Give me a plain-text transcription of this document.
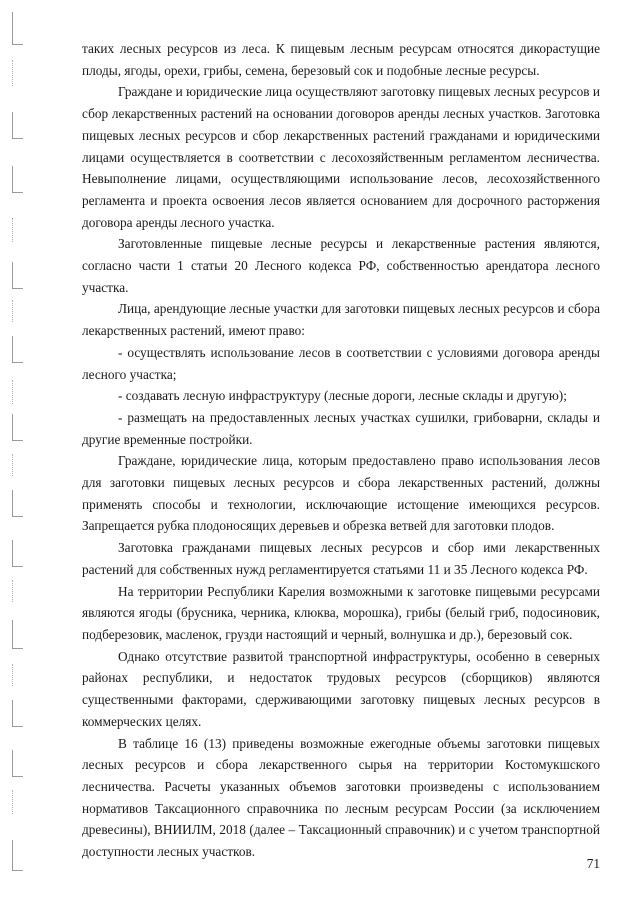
таких лесных ресурсов из леса. К пищевым лесным ресурсам относятся дикорастущие плоды, ягоды, орехи, грибы, семена, березовый сок и подобные лесные ресурсы.

Граждане и юридические лица осуществляют заготовку пищевых лесных ресурсов и сбор лекарственных растений на основании договоров аренды лесных участков. Заготовка пищевых лесных ресурсов и сбор лекарственных растений гражданами и юридическими лицами осуществляется в соответствии с лесохозяйственным регламентом лесничества. Невыполнение лицами, осуществляющими использование лесов, лесохозяйственного регламента и проекта освоения лесов является основанием для досрочного расторжения договора аренды лесного участка.

Заготовленные пищевые лесные ресурсы и лекарственные растения являются, согласно части 1 статьи 20 Лесного кодекса РФ, собственностью арендатора лесного участка.

Лица, арендующие лесные участки для заготовки пищевых лесных ресурсов и сбора лекарственных растений, имеют право:

- осуществлять использование лесов в соответствии с условиями договора аренды лесного участка;

- создавать лесную инфраструктуру (лесные дороги, лесные склады и другую);

- размещать на предоставленных лесных участках сушилки, грибоварни, склады и другие временные постройки.

Граждане, юридические лица, которым предоставлено право использования лесов для заготовки пищевых лесных ресурсов и сбора лекарственных растений, должны применять способы и технологии, исключающие истощение имеющихся ресурсов. Запрещается рубка плодоносящих деревьев и обрезка ветвей для заготовки плодов.

Заготовка гражданами пищевых лесных ресурсов и сбор ими лекарственных растений для собственных нужд регламентируется статьями 11 и 35 Лесного кодекса РФ.

На территории Республики Карелия возможными к заготовке пищевыми ресурсами являются ягоды (брусника, черника, клюква, морошка), грибы (белый гриб, подосиновик, подберезовик, масленок, грузди настоящий и черный, волнушка и др.), березовый сок.

Однако отсутствие развитой транспортной инфраструктуры, особенно в северных районах республики, и недостаток трудовых ресурсов (сборщиков) являются существенными факторами, сдерживающими заготовку пищевых лесных ресурсов в коммерческих целях.

В таблице 16 (13) приведены возможные ежегодные объемы заготовки пищевых лесных ресурсов и сбора лекарственного сырья на территории Костомукшского лесничества. Расчеты указанных объемов заготовки произведены с использованием нормативов Таксационного справочника по лесным ресурсам России (за исключением древесины), ВНИИЛМ, 2018 (далее – Таксационный справочник) и с учетом транспортной доступности лесных участков.

71
